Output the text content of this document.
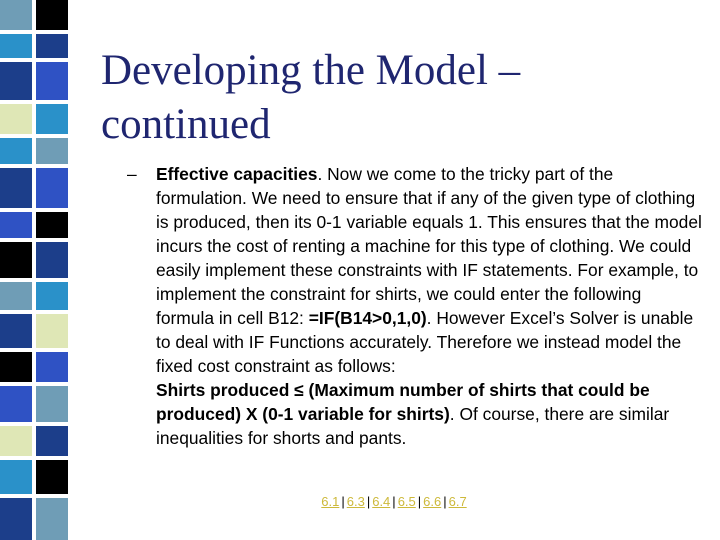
Developing the Model –
continued
– Effective capacities. Now we come to the tricky part of the formulation. We need to ensure that if any of the given type of clothing is produced, then its 0-1 variable equals 1. This ensures that the model incurs the cost of renting a machine for this type of clothing. We could easily implement these constraints with IF statements. For example, to implement the constraint for shirts, we could enter the following formula in cell B12: =IF(B14>0,1,0). However Excel’s Solver is unable to deal with IF Functions accurately. Therefore we instead model the fixed cost constraint as follows:
Shirts produced ≤ (Maximum number of shirts that could be produced) X (0-1 variable for shirts). Of course, there are similar inequalities for shorts and pants.
6.1 | 6.3 | 6.4 | 6.5 | 6.6 | 6.7
